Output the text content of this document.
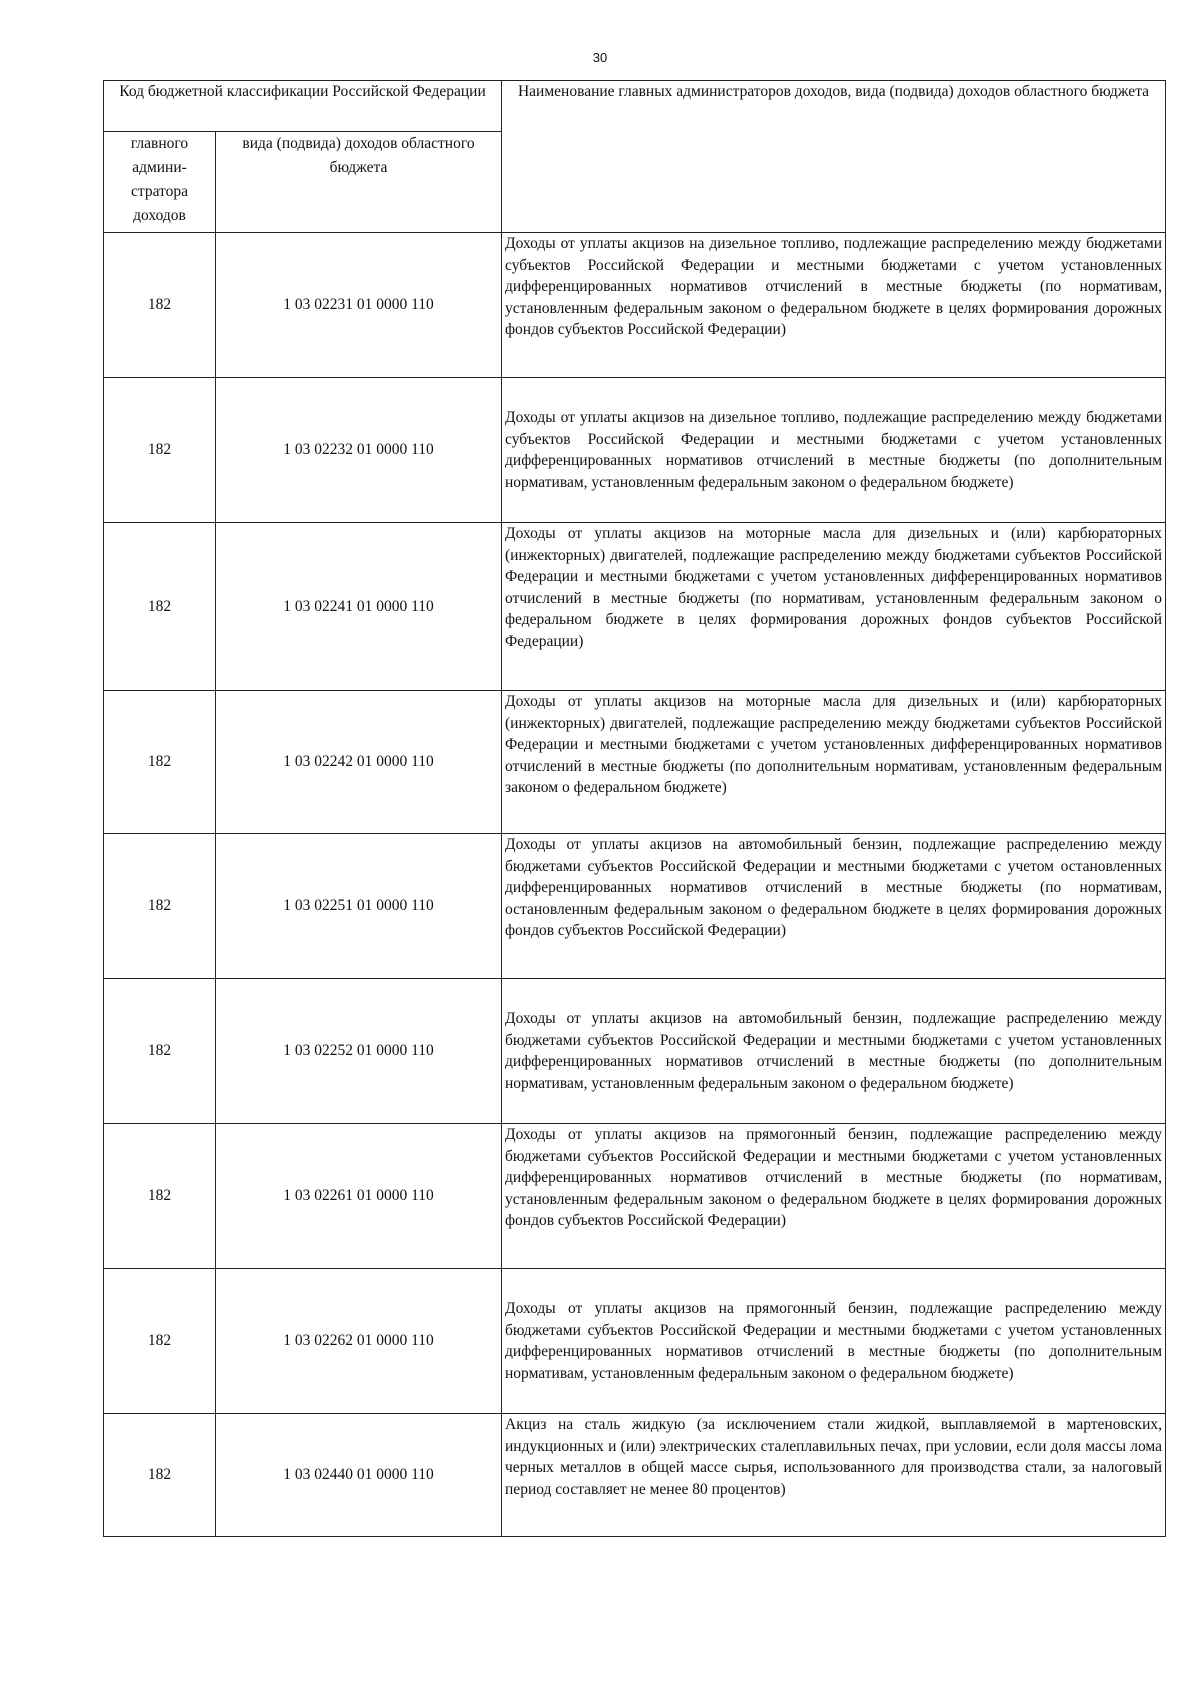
30
Код бюджетной классификации Российской Федерации		Наименование главных администраторов доходов, вида (подвида) доходов областного бюджета
главного админи-стратора доходов	вида (подвида) доходов областного бюджета	
182	1 03 02231 01 0000 110	Доходы от уплаты акцизов на дизельное топливо, подлежащие распределению между бюджетами субъектов Российской Федерации и местными бюджетами с учетом установленных дифференцированных нормативов отчислений в местные бюджеты (по нормативам, установленным федеральным законом о федеральном бюджете в целях формирования дорожных фондов субъектов Российской Федерации)
182	1 03 02232 01 0000 110	Доходы от уплаты акцизов на дизельное топливо, подлежащие распределению между бюджетами субъектов Российской Федерации и местными бюджетами с учетом установленных дифференцированных нормативов отчислений в местные бюджеты (по дополнительным нормативам, установленным федеральным законом о федеральном бюджете)
182	1 03 02241 01 0000 110	Доходы от уплаты акцизов на моторные масла для дизельных и (или) карбюраторных (инжекторных) двигателей, подлежащие распределению между бюджетами субъектов Российской Федерации и местными бюджетами с учетом установленных дифференцированных нормативов отчислений в местные бюджеты (по нормативам, установленным федеральным законом о федеральном бюджете в целях формирования дорожных фондов субъектов Российской Федерации)
182	1 03 02242 01 0000 110	Доходы от уплаты акцизов на моторные масла для дизельных и (или) карбюраторных (инжекторных) двигателей, подлежащие распределению между бюджетами субъектов Российской Федерации и местными бюджетами с учетом установленных дифференцированных нормативов отчислений в местные бюджеты (по дополнительным нормативам, установленным федеральным законом о федеральном бюджете)
182	1 03 02251 01 0000 110	Доходы от уплаты акцизов на автомобильный бензин, подлежащие распределению между бюджетами субъектов Российской Федерации и местными бюджетами с учетом остановленных дифференцированных нормативов отчислений в местные бюджеты (по нормативам, остановленным федеральным законом о федеральном бюджете в целях формирования дорожных фондов субъектов Российской Федерации)
182	1 03 02252 01 0000 110	Доходы от уплаты акцизов на автомобильный бензин, подлежащие распределению между бюджетами субъектов Российской Федерации и местными бюджетами с учетом установленных дифференцированных нормативов отчислений в местные бюджеты (по дополнительным нормативам, установленным федеральным законом о федеральном бюджете)
182	1 03 02261 01 0000 110	Доходы от уплаты акцизов на прямогонный бензин, подлежащие распределению между бюджетами субъектов Российской Федерации и местными бюджетами с учетом установленных дифференцированных нормативов отчислений в местные бюджеты (по нормативам, установленным федеральным законом о федеральном бюджете в целях формирования дорожных фондов субъектов Российской Федерации)
182	1 03 02262 01 0000 110	Доходы от уплаты акцизов на прямогонный бензин, подлежащие распределению между бюджетами субъектов Российской Федерации и местными бюджетами с учетом установленных дифференцированных нормативов отчислений в местные бюджеты (по дополнительным нормативам, установленным федеральным законом о федеральном бюджете)
182	1 03 02440 01 0000 110	Акциз на сталь жидкую (за исключением стали жидкой, выплавляемой в мартеновских, индукционных и (или) электрических сталеплавильных печах, при условии, если доля массы лома черных металлов в общей массе сырья, использованного для производства стали, за налоговый период составляет не менее 80 процентов)
